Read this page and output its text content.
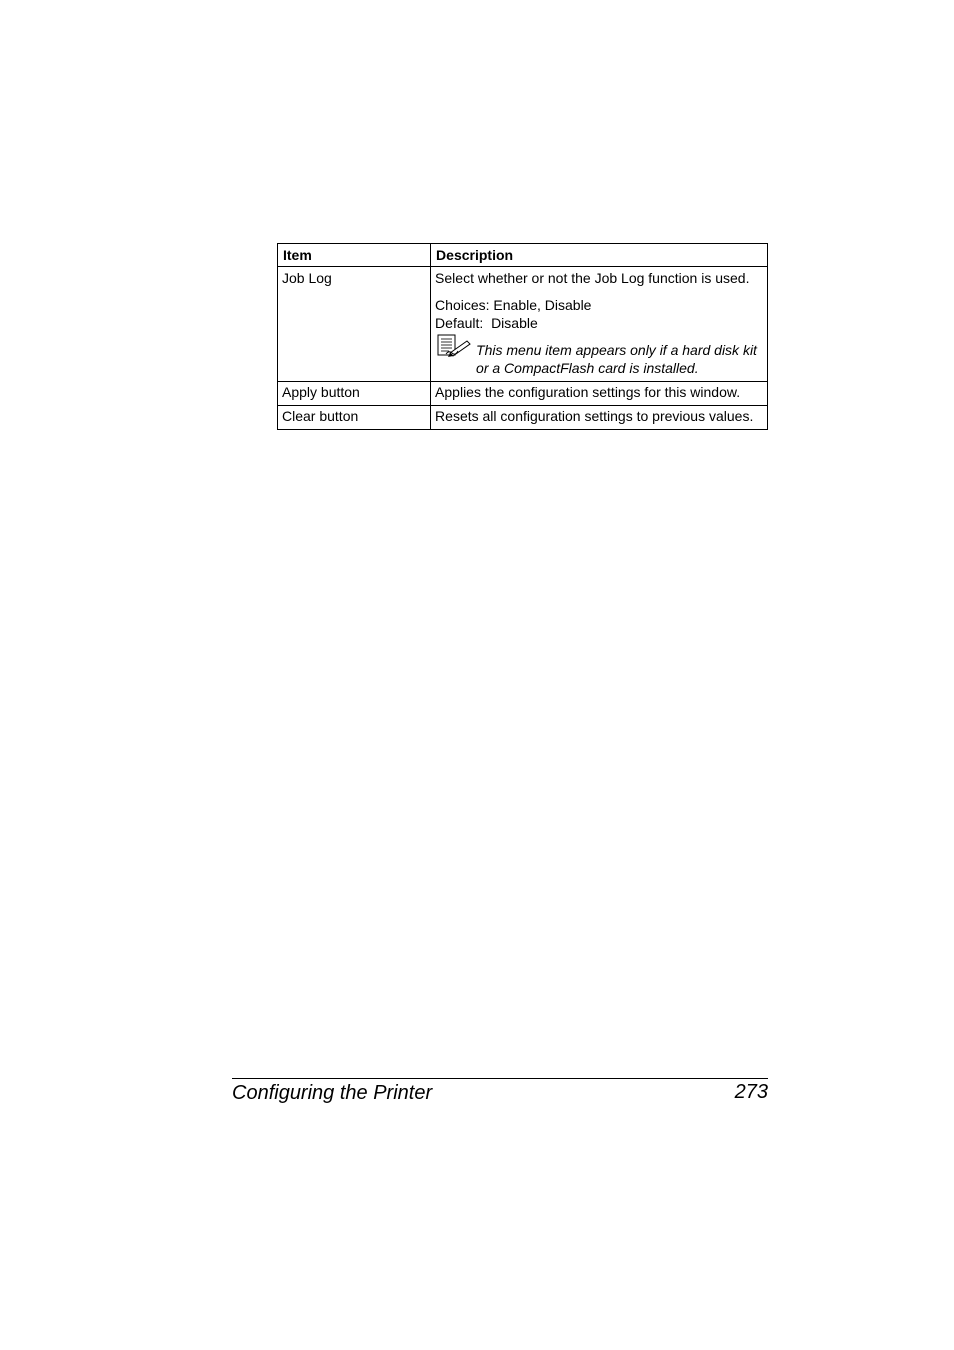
Item	Description
Job Log	Select whether or not the Job Log function is used.

Choices: Enable, Disable

Default:  Disable

This menu item appears only if a hard disk kit
or a CompactFlash card is installed.

Apply button	Applies the configuration settings for this window.
Clear button	Resets all configuration settings to previous values.
Configuring the Printer	273
